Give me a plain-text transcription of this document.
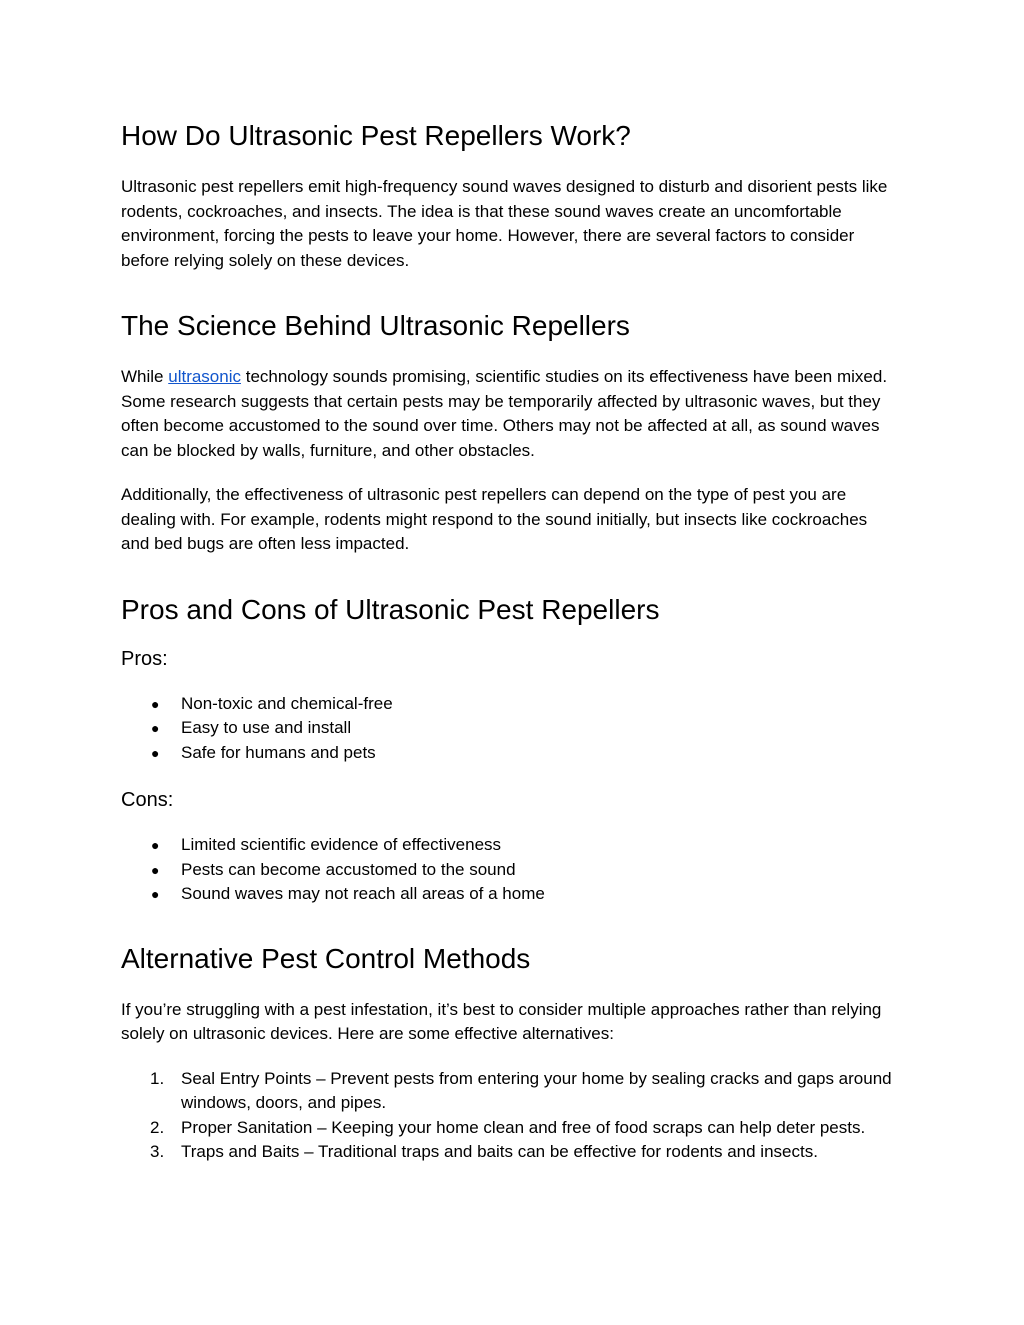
How Do Ultrasonic Pest Repellers Work?

Ultrasonic pest repellers emit high-frequency sound waves designed to disturb and disorient pests like rodents, cockroaches, and insects. The idea is that these sound waves create an uncomfortable environment, forcing the pests to leave your home. However, there are several factors to consider before relying solely on these devices.

The Science Behind Ultrasonic Repellers

While ultrasonic technology sounds promising, scientific studies on its effectiveness have been mixed. Some research suggests that certain pests may be temporarily affected by ultrasonic waves, but they often become accustomed to the sound over time. Others may not be affected at all, as sound waves can be blocked by walls, furniture, and other obstacles.

Additionally, the effectiveness of ultrasonic pest repellers can depend on the type of pest you are dealing with. For example, rodents might respond to the sound initially, but insects like cockroaches and bed bugs are often less impacted.

Pros and Cons of Ultrasonic Pest Repellers
Pros:
● Non-toxic and chemical-free
● Easy to use and install
● Safe for humans and pets
Cons:
● Limited scientific evidence of effectiveness
● Pests can become accustomed to the sound
● Sound waves may not reach all areas of a home
Alternative Pest Control Methods

If you’re struggling with a pest infestation, it’s best to consider multiple approaches rather than relying solely on ultrasonic devices. Here are some effective alternatives:

1. Seal Entry Points – Prevent pests from entering your home by sealing cracks and gaps around windows, doors, and pipes.
2. Proper Sanitation – Keeping your home clean and free of food scraps can help deter pests.
3. Traps and Baits – Traditional traps and baits can be effective for rodents and insects.
